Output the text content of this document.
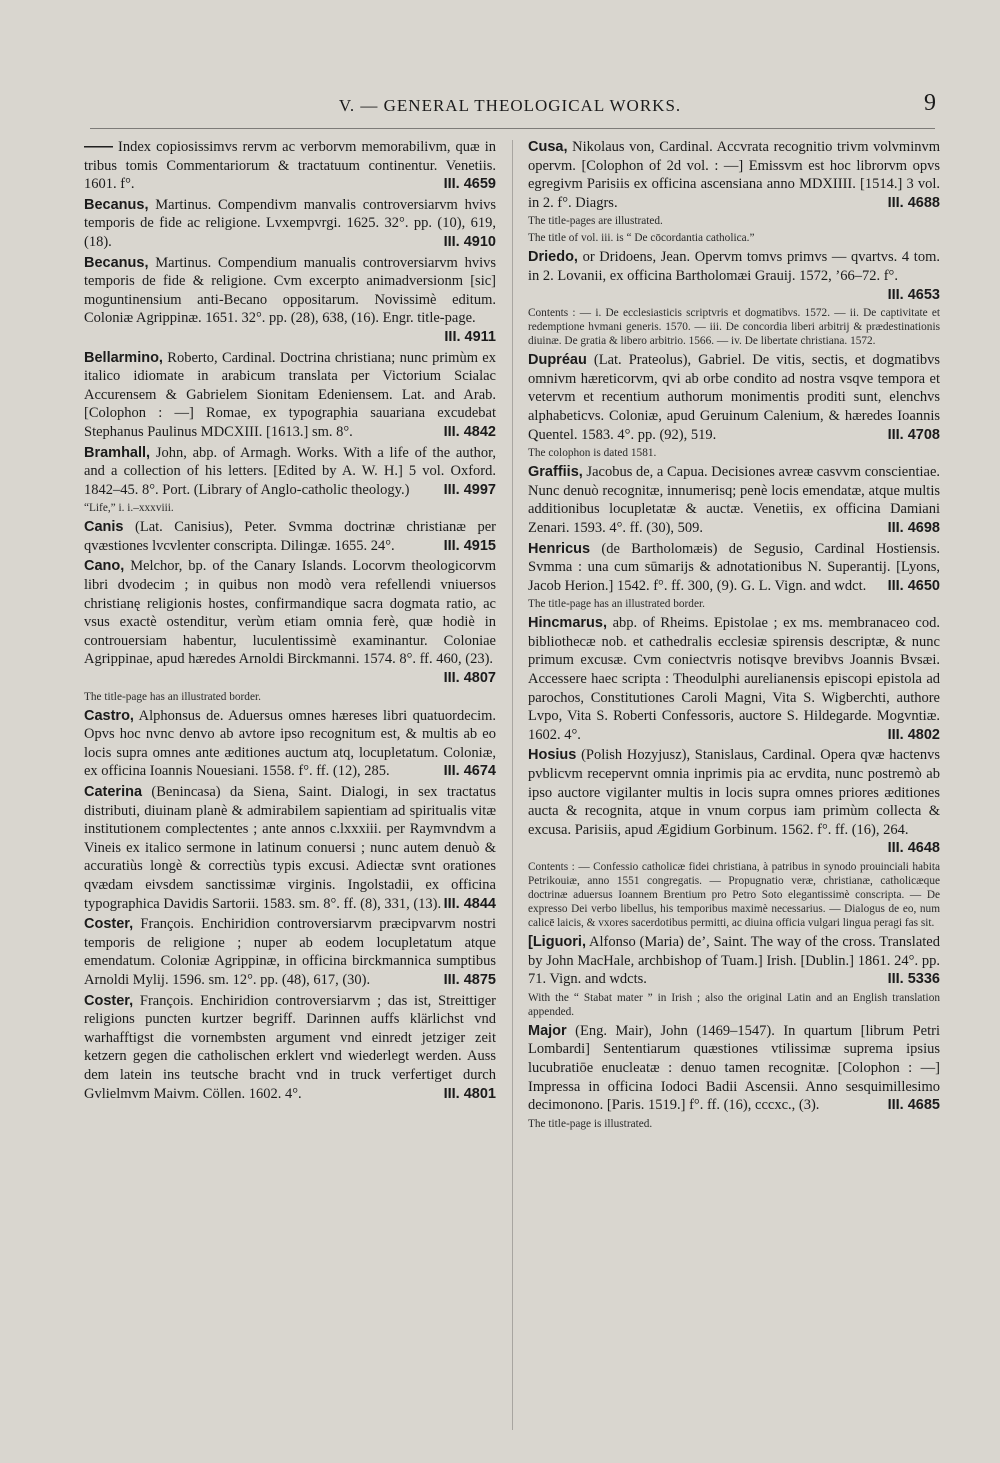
V. — GENERAL THEOLOGICAL WORKS.	9
—— Index copiosissimvs rervm ac verborvm memorabilivm, quæ in tribus tomis Commentariorum & tractatuum continentur. Venetiis. 1601. f°.	III. 4659
Becanus, Martinus. Compendivm manvalis controversiarvm hvivs temporis de fide ac religione. Lvxempvrgi. 1625. 32°. pp. (10), 619, (18).	III. 4910
Becanus, Martinus. Compendium manualis controversiarvm hvivs temporis de fide & religione. Cvm excerpto animadversionm [sic] moguntinensium anti-Becano oppositarum. Novissimè editum. Coloniæ Agrippinæ. 1651. 32°. pp. (28), 638, (16). Engr. title-page.
III. 4911
Bellarmino, Roberto, Cardinal. Doctrina christiana; nunc primùm ex italico idiomate in arabicum translata per Victorium Scialac Accurensem & Gabrielem Sionitam Edeniensem. Lat. and Arab. [Colophon : —] Romae, ex typographia sauariana excudebat Stephanus Paulinus MDCXIII. [1613.] sm. 8°.	III. 4842
Bramhall, John, abp. of Armagh. Works. With a life of the author, and a collection of his letters. [Edited by A. W. H.] 5 vol. Oxford. 1842–45. 8°. Port. (Library of Anglo-catholic theology.) III. 4997
“Life,” i. i.–xxxviii.
Canis (Lat. Canisius), Peter. Svmma doctrinæ christianæ per qvæstiones lvcvlenter conscripta. Dilingæ. 1655. 24°.	III. 4915
Cano, Melchor, bp. of the Canary Islands. Locorvm theologicorvm libri dvodecim ; in quibus non modò vera refellendi vniuersos christianę religionis hostes, confirmandique sacra dogmata ratio, ac vsus exactè ostenditur, verùm etiam omnia ferè, quæ hodiè in controuersiam habentur, luculentissimè examinantur. Coloniae Agrippinae, apud hæredes Arnoldi Birckmanni. 1574. 8°. ff. 460, (23).
III. 4807
The title-page has an illustrated border.
Castro, Alphonsus de. Aduersus omnes hæreses libri quatuordecim. Opvs hoc nvnc denvo ab avtore ipso recognitum est, & multis ab eo locis supra omnes ante æditiones auctum atq, locupletatum. Coloniæ, ex officina Ioannis Nouesiani. 1558. f°. ff. (12), 285.	III. 4674
Caterina (Benincasa) da Siena, Saint. Dialogi, in sex tractatus distributi, diuinam planè & admirabilem sapientiam ad spiritualis vitæ institutionem complectentes ; ante annos c.lxxxiii. per Raymvndvm a Vineis ex italico sermone in latinum conuersi ; nunc autem denuò & accuratiùs longè & correctiùs typis excusi. Adiectæ svnt orationes qvædam eivsdem sanctissimæ virginis. Ingolstadii, ex officina typographica Davidis Sartorii. 1583. sm. 8°. ff. (8), 331, (13). III. 4844
Coster, François. Enchiridion controversiarvm præcipvarvm nostri temporis de religione ; nuper ab eodem locupletatum atque emendatum. Coloniæ Agrippinæ, in officina birckmannica sumptibus Arnoldi Mylij. 1596. sm. 12°. pp. (48), 617, (30).	III. 4875
Coster, François. Enchiridion controversiarvm ; das ist, Streittiger religions puncten kurtzer begriff. Darinnen auffs klärlichst vnd warhafftigst die vornembsten argument vnd einredt jetziger zeit ketzern gegen die catholischen erklert vnd wiederlegt werden. Auss dem latein ins teutsche bracht vnd in truck verfertiget durch Gvlielmvm Maivm. Cöllen. 1602. 4°.	III. 4801
Cusa, Nikolaus von, Cardinal. Accvrata recognitio trivm volvminvm opervm. [Colophon of 2d vol. : —] Emissvm est hoc librorvm opvs egregivm Parisiis ex officina ascensiana anno MDXIIII. [1514.] 3 vol. in 2. f°. Diagrs.	III. 4688
The title-pages are illustrated.
The title of vol. iii. is “ De cōcordantia catholica.”
Driedo, or Dridoens, Jean. Opervm tomvs primvs — qvartvs. 4 tom. in 2. Lovanii, ex officina Bartholomæi Grauij. 1572, ’66–72. f°.
III. 4653
Contents : — i. De ecclesiasticis scriptvris et dogmatibvs. 1572. — ii. De captivitate et redemptione hvmani generis. 1570. — iii. De concordia liberi arbitrij & prædestinationis diuinæ. De gratia & libero arbitrio. 1566. — iv. De libertate christiana. 1572.
Dupréau (Lat. Prateolus), Gabriel. De vitis, sectis, et dogmatibvs omnivm hæreticorvm, qvi ab orbe condito ad nostra vsqve tempora et vetervm et recentium authorum monimentis proditi sunt, elenchvs alphabeticvs. Coloniæ, apud Geruinum Calenium, & hæredes Ioannis Quentel. 1583. 4°. pp. (92), 519.	III. 4708
The colophon is dated 1581.
Graffiis, Jacobus de, a Capua. Decisiones avreæ casvvm conscientiae. Nunc denuò recognitæ, innumerisq; penè locis emendatæ, atque multis additionibus locupletatæ & auctæ. Venetiis, ex officina Damiani Zenari. 1593. 4°. ff. (30), 509.	III. 4698
Henricus (de Bartholomæis) de Segusio, Cardinal Hostiensis. Svmma : una cum sūmarijs & adnotationibus N. Superantij. [Lyons, Jacob Herion.] 1542. f°. ff. 300, (9). G. L. Vign. and wdct. III. 4650
The title-page has an illustrated border.
Hincmarus, abp. of Rheims. Epistolae ; ex ms. membranaceo cod. bibliothecæ nob. et cathedralis ecclesiæ spirensis descriptæ, & nunc primum excusæ. Cvm coniectvris notisqve brevibvs Joannis Bvsæi. Accessere haec scripta : Theodulphi aurelianensis episcopi epistola ad parochos, Constitutiones Caroli Magni, Vita S. Wigberchti, authore Lvpo, Vita S. Roberti Confessoris, auctore S. Hildegarde. Mogvntiæ. 1602. 4°.	III. 4802
Hosius (Polish Hozyjusz), Stanislaus, Cardinal. Opera qvæ hactenvs pvblicvm recepervnt omnia inprimis pia ac ervdita, nunc postremò ab ipso auctore vigilanter multis in locis supra omnes priores æditiones aucta & recognita, atque in vnum corpus iam primùm collecta & excusa. Parisiis, apud Ægidium Gorbinum. 1562. f°. ff. (16), 264.
III. 4648
Contents : — Confessio catholicæ fidei christiana, à patribus in synodo prouinciali habita Petrikouiæ, anno 1551 congregatis. — Propugnatio veræ, christianæ, catholicæque doctrinæ aduersus Ioannem Brentium pro Petro Soto elegantissimè conscripta. — De expresso Dei verbo libellus, his temporibus maximè necessarius. — Dialogus de eo, num calicē laicis, & vxores sacerdotibus permitti, ac diuina officia vulgari lingua peragi fas sit.
[Liguori, Alfonso (Maria) de’, Saint. The way of the cross. Translated by John MacHale, archbishop of Tuam.] Irish. [Dublin.] 1861. 24°. pp. 71. Vign. and wdcts.	III. 5336
With the “ Stabat mater ” in Irish ; also the original Latin and an English translation appended.
Major (Eng. Mair), John (1469–1547). In quartum [librum Petri Lombardi] Sententiarum quæstiones vtilissimæ suprema ipsius lucubratiōe enucleatæ : denuo tamen recognitæ. [Colophon : —] Impressa in officina Iodoci Badii Ascensii. Anno sesquimillesimo decimonono. [Paris. 1519.] f°. ff. (16), cccxc., (3).	III. 4685
The title-page is illustrated.
